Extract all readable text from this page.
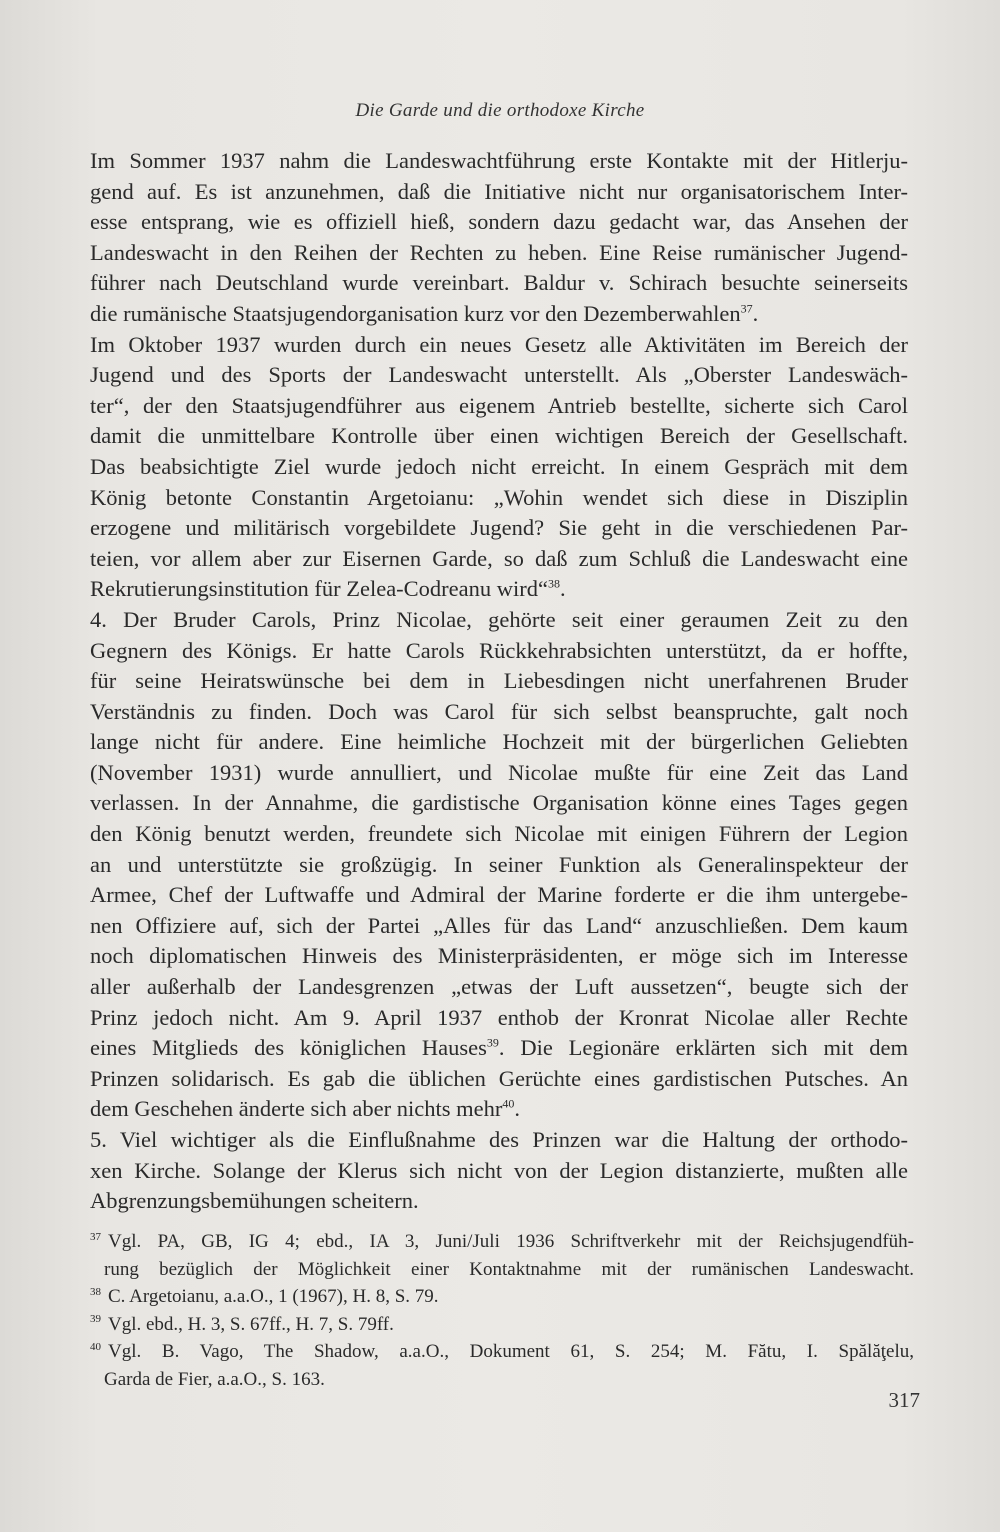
Die Garde und die orthodoxe Kirche
Im Sommer 1937 nahm die Landeswachtführung erste Kontakte mit der Hitlerju-
gend auf. Es ist anzunehmen, daß die Initiative nicht nur organisatorischem Inter-
esse entsprang, wie es offiziell hieß, sondern dazu gedacht war, das Ansehen der
Landeswacht in den Reihen der Rechten zu heben. Eine Reise rumänischer Jugend-
führer nach Deutschland wurde vereinbart. Baldur v. Schirach besuchte seinerseits
die rumänische Staatsjugendorganisation kurz vor den Dezemberwahlen$^{37}$.
Im Oktober 1937 wurden durch ein neues Gesetz alle Aktivitäten im Bereich der
Jugend und des Sports der Landeswacht unterstellt. Als „Oberster Landeswäch-
ter“, der den Staatsjugendführer aus eigenem Antrieb bestellte, sicherte sich Carol
damit die unmittelbare Kontrolle über einen wichtigen Bereich der Gesellschaft.
Das beabsichtigte Ziel wurde jedoch nicht erreicht. In einem Gespräch mit dem
König betonte Constantin Argetoianu: „Wohin wendet sich diese in Disziplin
erzogene und militärisch vorgebildete Jugend? Sie geht in die verschiedenen Par-
teien, vor allem aber zur Eisernen Garde, so daß zum Schluß die Landeswacht eine
Rekrutierungsinstitution für Zelea-Codreanu wird“$^{38}$.
4. Der Bruder Carols, Prinz Nicolae, gehörte seit einer geraumen Zeit zu den
Gegnern des Königs. Er hatte Carols Rückkehrabsichten unterstützt, da er hoffte,
für seine Heiratswünsche bei dem in Liebesdingen nicht unerfahrenen Bruder
Verständnis zu finden. Doch was Carol für sich selbst beanspruchte, galt noch
lange nicht für andere. Eine heimliche Hochzeit mit der bürgerlichen Geliebten
(November 1931) wurde annulliert, und Nicolae mußte für eine Zeit das Land
verlassen. In der Annahme, die gardistische Organisation könne eines Tages gegen
den König benutzt werden, freundete sich Nicolae mit einigen Führern der Legion
an und unterstützte sie großzügig. In seiner Funktion als Generalinspekteur der
Armee, Chef der Luftwaffe und Admiral der Marine forderte er die ihm untergebe-
nen Offiziere auf, sich der Partei „Alles für das Land“ anzuschließen. Dem kaum
noch diplomatischen Hinweis des Ministerpräsidenten, er möge sich im Interesse
aller außerhalb der Landesgrenzen „etwas der Luft aussetzen“, beugte sich der
Prinz jedoch nicht. Am 9. April 1937 enthob der Kronrat Nicolae aller Rechte
eines Mitglieds des königlichen Hauses$^{39}$. Die Legionäre erklärten sich mit dem
Prinzen solidarisch. Es gab die üblichen Gerüchte eines gardistischen Putsches. An
dem Geschehen änderte sich aber nichts mehr$^{40}$.
5. Viel wichtiger als die Einflußnahme des Prinzen war die Haltung der orthodo-
xen Kirche. Solange der Klerus sich nicht von der Legion distanzierte, mußten alle
Abgrenzungsbemühungen scheitern.
37 Vgl. PA, GB, IG 4; ebd., IA 3, Juni/Juli 1936 Schriftverkehr mit der Reichsjugendfüh-
rung bezüglich der Möglichkeit einer Kontaktnahme mit der rumänischen Landeswacht.
38 C. Argetoianu, a.a.O., 1 (1967), H. 8, S. 79.
39 Vgl. ebd., H. 3, S. 67ff., H. 7, S. 79ff.
40 Vgl. B. Vago, The Shadow, a.a.O., Dokument 61, S. 254; M. Fătu, I. Spălăţelu,
Garda de Fier, a.a.O., S. 163.
317
